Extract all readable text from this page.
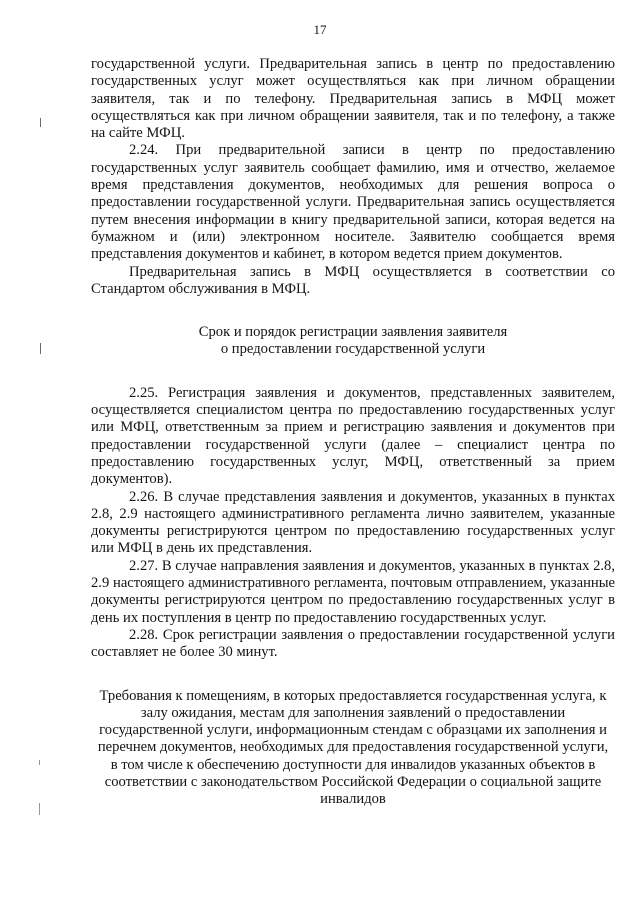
17

государственной услуги. Предварительная запись в центр по предоставлению государственных услуг может осуществляться как при личном обращении заявителя, так и по телефону. Предварительная запись в МФЦ может осуществляться как при личном обращении заявителя, так и по телефону, а также на сайте МФЦ.

2.24. При предварительной записи в центр по предоставлению государственных услуг заявитель сообщает фамилию, имя и отчество, желаемое время представления документов, необходимых для решения вопроса о предоставлении государственной услуги. Предварительная запись осуществляется путем внесения информации в книгу предварительной записи, которая ведется на бумажном и (или) электронном носителе. Заявителю сообщается время представления документов и кабинет, в котором ведется прием документов.

Предварительная запись в МФЦ осуществляется в соответствии со Стандартом обслуживания в МФЦ.

Срок и порядок регистрации заявления заявителя
о предоставлении государственной услуги

2.25. Регистрация заявления и документов, представленных заявителем, осуществляется специалистом центра по предоставлению государственных услуг или МФЦ, ответственным за прием и регистрацию заявления и документов при предоставлении государственной услуги (далее – специалист центра по предоставлению государственных услуг, МФЦ, ответственный за прием документов).

2.26. В случае представления заявления и документов, указанных в пунктах 2.8, 2.9 настоящего административного регламента лично заявителем, указанные документы регистрируются центром по предоставлению государственных услуг или МФЦ в день их представления.

2.27. В случае направления заявления и документов, указанных в пунктах 2.8, 2.9 настоящего административного регламента, почтовым отправлением, указанные документы регистрируются центром по предоставлению государственных услуг в день их поступления в центр по предоставлению государственных услуг.

2.28. Срок регистрации заявления о предоставлении государственной услуги составляет не более 30 минут.

Требования к помещениям, в которых предоставляется государственная услуга, к залу ожидания, местам для заполнения заявлений о предоставлении государственной услуги, информационным стендам с образцами их заполнения и перечнем документов, необходимых для предоставления государственной услуги, в том числе к обеспечению доступности для инвалидов указанных объектов в соответствии с законодательством Российской Федерации о социальной защите инвалидов
